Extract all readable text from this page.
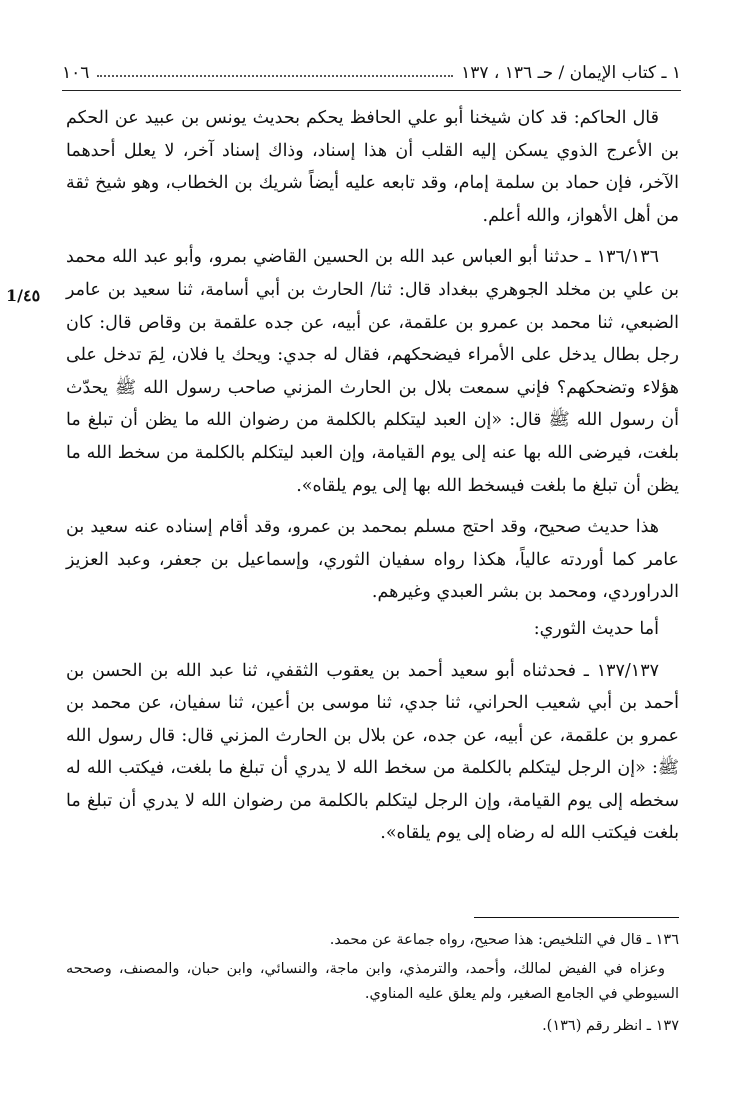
١ ـ كتاب الإيمان / حـ ١٣٦ ، ١٣٧
١٠٦
1/٤٥

قال الحاكم: قد كان شيخنا أبو علي الحافظ يحكم بحديث يونس بن عبيد عن الحكم بن الأعرج الذوي يسكن إليه القلب أن هذا إسناد، وذاك إسناد آخر، لا يعلل أحدهما الآخر، فإن حماد بن سلمة إمام، وقد تابعه عليه أيضاً شريك بن الخطاب، وهو شيخ ثقة من أهل الأهواز، والله أعلم.

١٣٦/١٣٦ ـ حدثنا أبو العباس عبد الله بن الحسين القاضي بمرو، وأبو عبد الله محمد بن علي بن مخلد الجوهري ببغداد قال: ثنا/ الحارث بن أبي أسامة، ثنا سعيد بن عامر الضبعي، ثنا محمد بن عمرو بن علقمة، عن أبيه، عن جده علقمة بن وقاص قال: كان رجل بطال يدخل على الأمراء فيضحكهم، فقال له جدي: ويحك يا فلان، لِمَ تدخل على هؤلاء وتضحكهم؟ فإني سمعت بلال بن الحارث المزني صاحب رسول الله ﷺ يحدّث أن رسول الله ﷺ قال: «إن العبد ليتكلم بالكلمة من رضوان الله ما يظن أن تبلغ ما بلغت، فيرضى الله بها عنه إلى يوم القيامة، وإن العبد ليتكلم بالكلمة من سخط الله ما يظن أن تبلغ ما بلغت فيسخط الله بها إلى يوم يلقاه».

هذا حديث صحيح، وقد احتج مسلم بمحمد بن عمرو، وقد أقام إسناده عنه سعيد بن عامر كما أوردته عالياً، هكذا رواه سفيان الثوري، وإسماعيل بن جعفر، وعبد العزيز الدراوردي، ومحمد بن بشر العبدي وغيرهم.

أما حديث الثوري:

١٣٧/١٣٧ ـ فحدثناه أبو سعيد أحمد بن يعقوب الثقفي، ثنا عبد الله بن الحسن بن أحمد بن أبي شعيب الحراني، ثنا جدي، ثنا موسى بن أعين، ثنا سفيان، عن محمد بن عمرو بن علقمة، عن أبيه، عن جده، عن بلال بن الحارث المزني قال: قال رسول الله ﷺ: «إن الرجل ليتكلم بالكلمة من سخط الله لا يدري أن تبلغ ما بلغت، فيكتب الله له سخطه إلى يوم القيامة، وإن الرجل ليتكلم بالكلمة من رضوان الله لا يدري أن تبلغ ما بلغت فيكتب الله له رضاه إلى يوم يلقاه».

١٣٦ ـ قال في التلخيص: هذا صحيح، رواه جماعة عن محمد.

وعزاه في الفيض لمالك، وأحمد، والترمذي، وابن ماجة، والنسائي، وابن حبان، والمصنف، وصححه السيوطي في الجامع الصغير، ولم يعلق عليه المناوي.

١٣٧ ـ انظر رقم (١٣٦).
